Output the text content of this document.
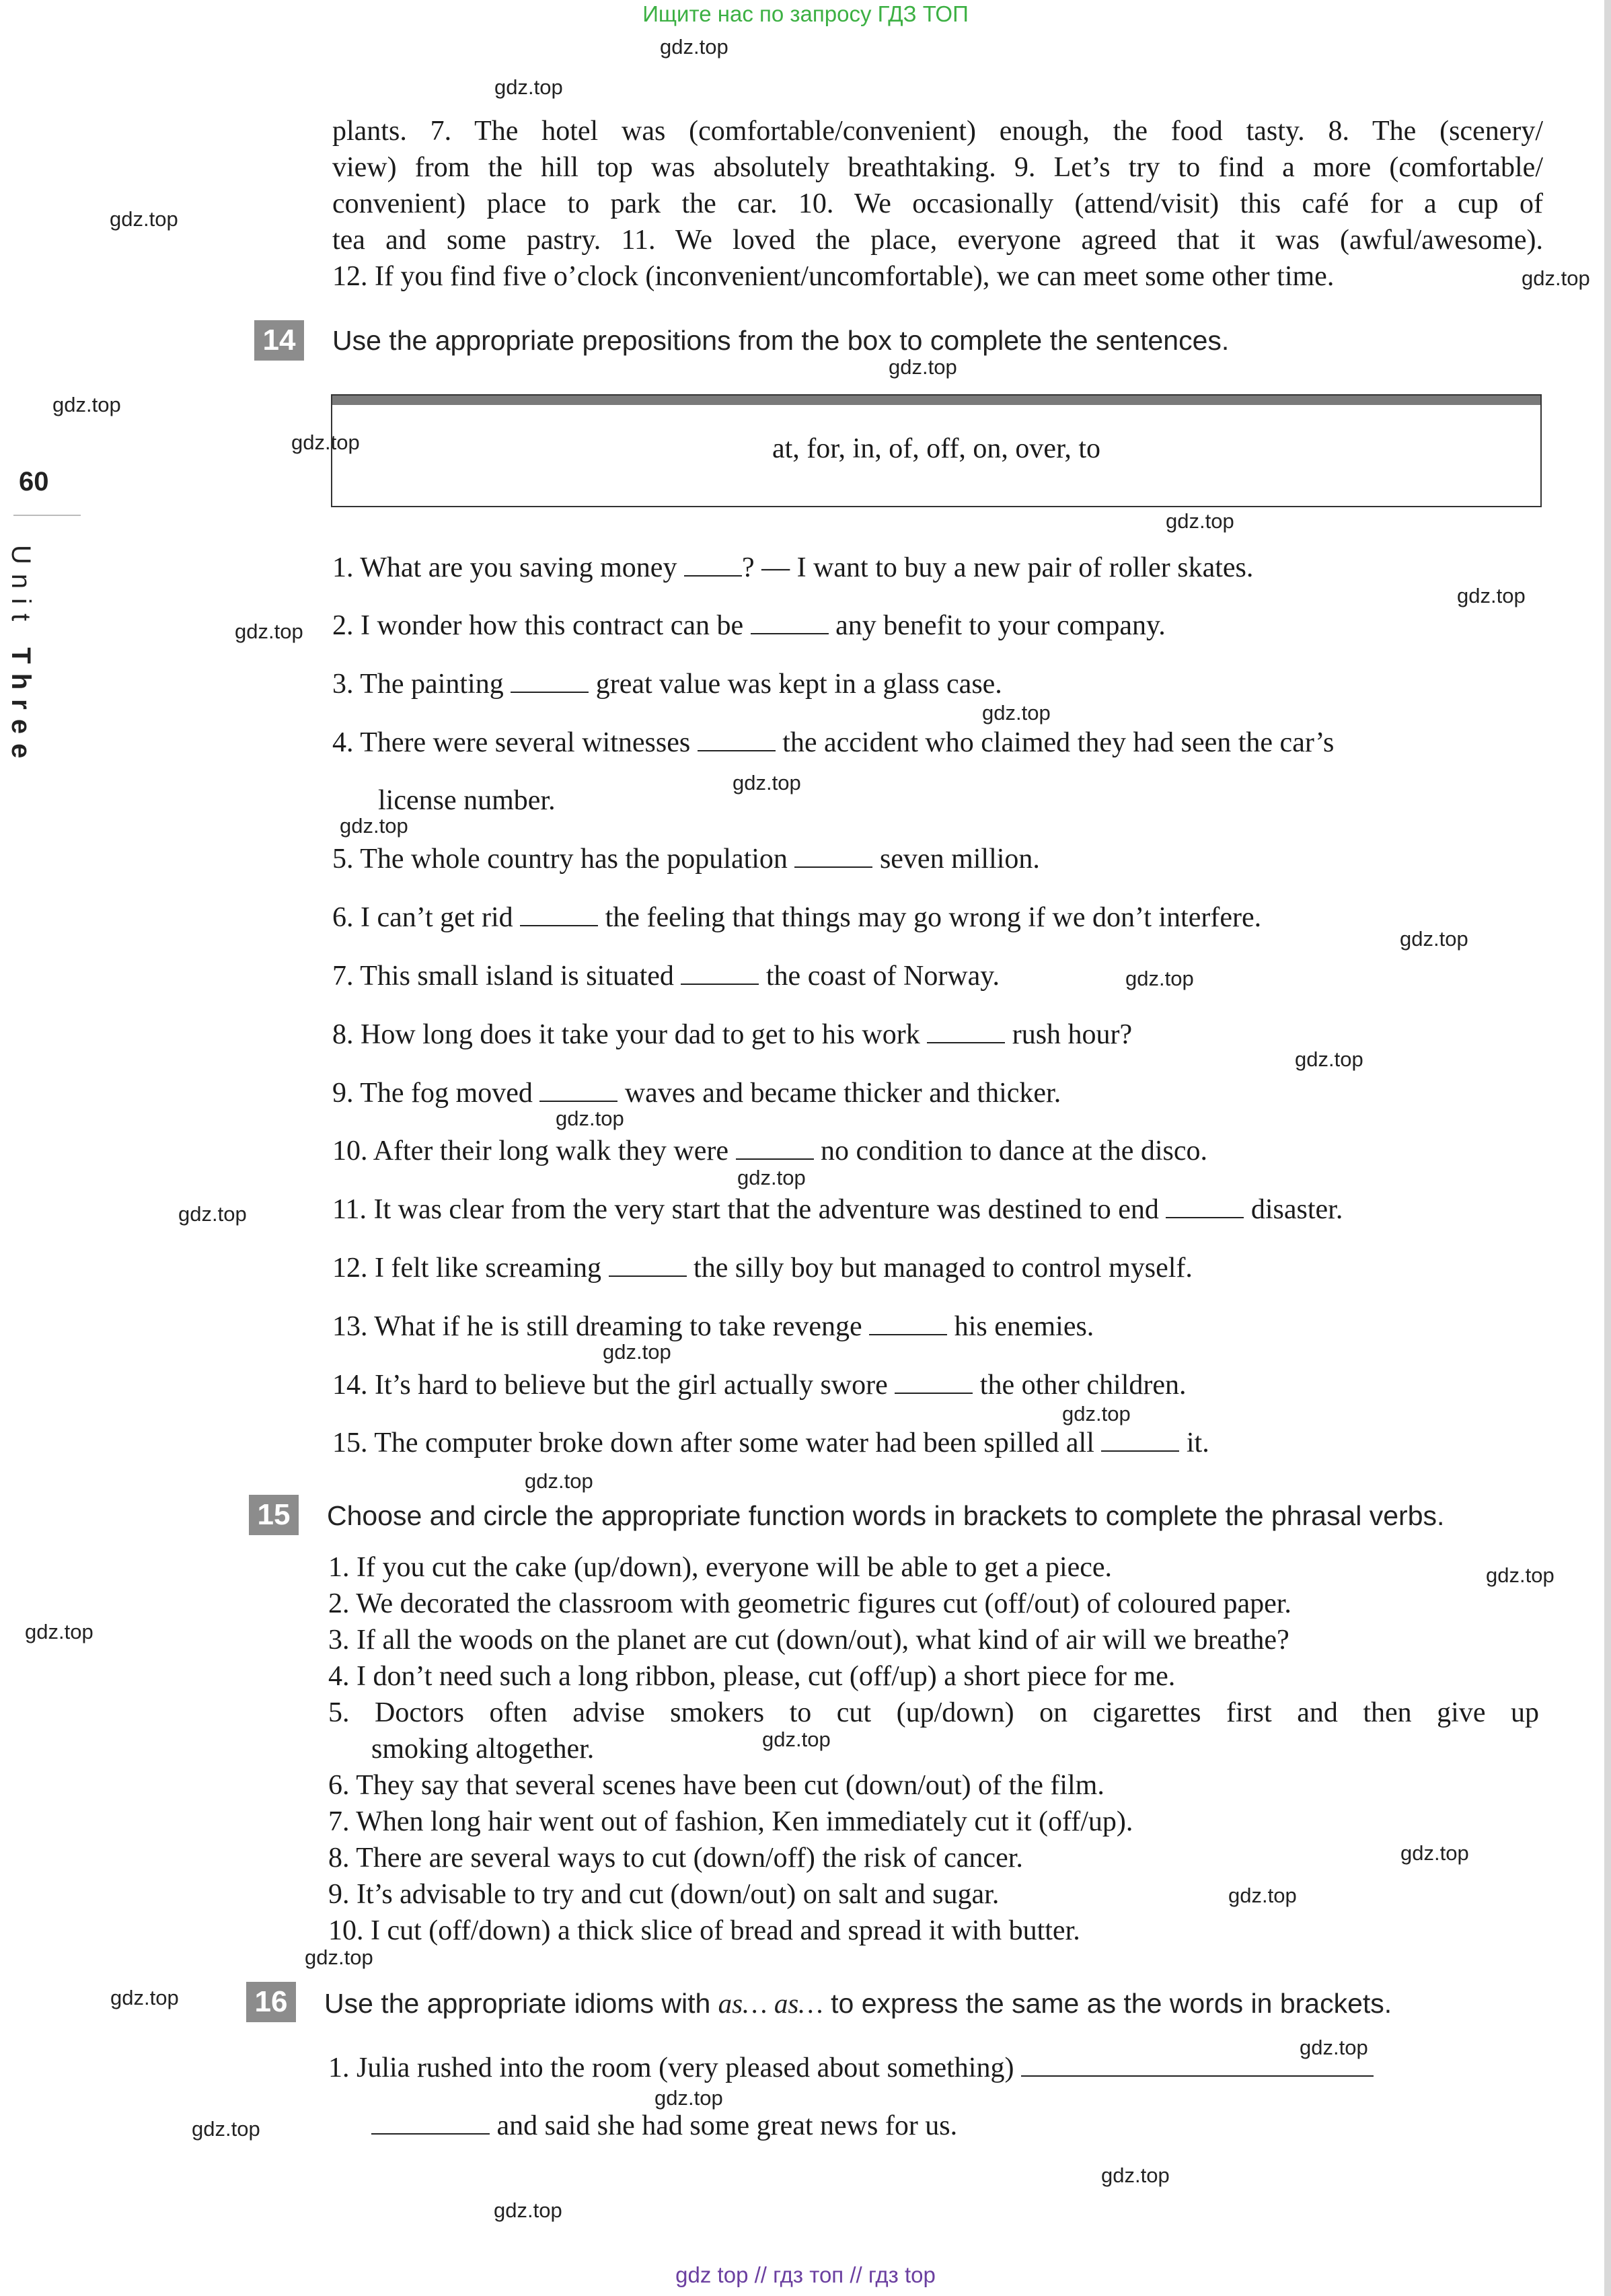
Ищите нас по запросу ГДЗ ТОП
gdz.top
gdz.top
gdz.top
gdz.top
gdz.top
gdz.top
gdz.top
gdz.top
gdz.top
gdz.top
gdz.top
gdz.top
gdz.top
gdz.top
gdz.top
gdz.top
gdz.top
gdz.top
gdz.top
gdz.top
gdz.top
gdz.top
gdz.top
gdz.top
gdz.top
gdz.top
gdz.top
gdz.top
gdz.top
gdz.top
gdz.top
gdz.top
gdz.top
gdz.top
60
Unit Three
plants. 7. The hotel was (comfortable/convenient) enough, the food tasty. 8. The (scenery/
view) from the hill top was absolutely breathtaking. 9. Let’s try to find a more (comfortable/
convenient) place to park the car. 10. We occasionally (attend/visit) this café for a cup of
tea and some pastry. 11. We loved the place, everyone agreed that it was (awful/awesome).
12. If you find five o’clock (inconvenient/uncomfortable), we can meet some other time.
14	Use the appropriate prepositions from the box to complete the sentences.
at, for, in, of, off, on, over, to
1. What are you saving money ? — I want to buy a new pair of roller skates.
2. I wonder how this contract can be	any benefit to your company.
3. The painting	great value was kept in a glass case.
4. There were several witnesses	the accident who claimed they had seen the car’s
license number.
5. The whole country has the population	seven million.
6. I can’t get rid	the feeling that things may go wrong if we don’t interfere.
7. This small island is situated	the coast of Norway.
8. How long does it take your dad to get to his work	rush hour?
9. The fog moved	waves and became thicker and thicker.
10. After their long walk they were	no condition to dance at the disco.
11. It was clear from the very start that the adventure was destined to end	disaster.
12. I felt like screaming	the silly boy but managed to control myself.
13. What if he is still dreaming to take revenge	his enemies.
14. It’s hard to believe but the girl actually swore	the other children.
15. The computer broke down after some water had been spilled all	it.
15	Choose and circle the appropriate function words in brackets to complete the phrasal verbs.
1. If you cut the cake (up/down), everyone will be able to get a piece.
2. We decorated the classroom with geometric figures cut (off/out) of coloured paper.
3. If all the woods on the planet are cut (down/out), what kind of air will we breathe?
4. I don’t need such a long ribbon, please, cut (off/up) a short piece for me.
5. Doctors often advise smokers to cut (up/down) on cigarettes first and then give up
smoking altogether.
6. They say that several scenes have been cut (down/out) of the film.
7. When long hair went out of fashion, Ken immediately cut it (off/up).
8. There are several ways to cut (down/off) the risk of cancer.
9. It’s advisable to try and cut (down/out) on salt and sugar.
10. I cut (off/down) a thick slice of bread and spread it with butter.
16	Use the appropriate idioms with as… as… to express the same as the words in brackets.
1. Julia rushed into the room (very pleased about something)
and said she had some great news for us.
gdz top // гдз топ // гдз top
